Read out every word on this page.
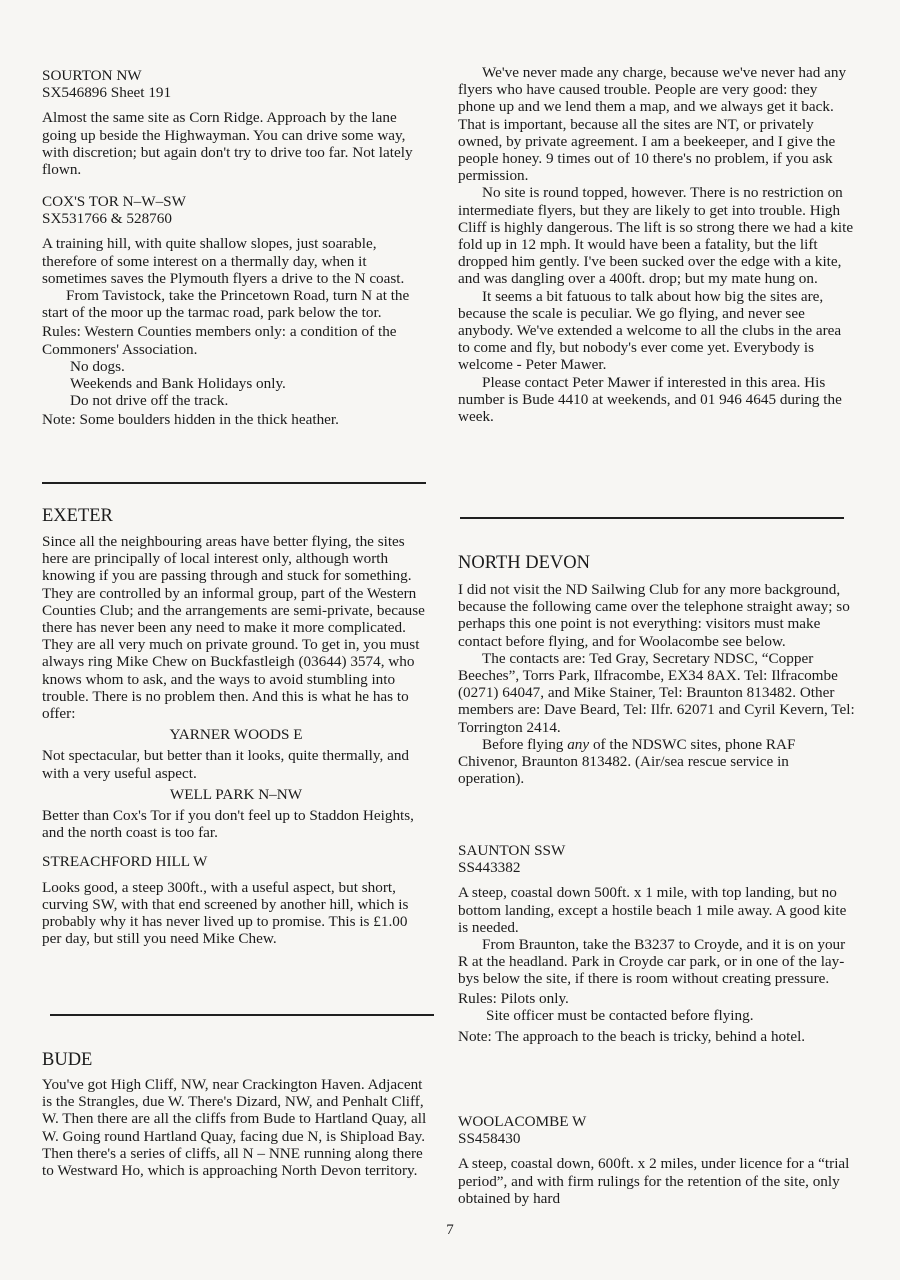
SOURTON NW

SX546896 Sheet 191

Almost the same site as Corn Ridge. Approach by the lane going up beside the Highwayman. You can drive some way, with discretion; but again don't try to drive too far. Not lately flown.

COX'S TOR N–W–SW

SX531766 & 528760

A training hill, with quite shallow slopes, just soarable, therefore of some interest on a thermally day, when it sometimes saves the Plymouth flyers a drive to the N coast.

From Tavistock, take the Princetown Road, turn N at the start of the moor up the tarmac road, park below the tor.

Rules: Western Counties members only: a condition of the Commoners' Association.

No dogs.

Weekends and Bank Holidays only.

Do not drive off the track.

Note: Some boulders hidden in the thick heather.

EXETER

Since all the neighbouring areas have better flying, the sites here are principally of local interest only, although worth knowing if you are passing through and stuck for something. They are controlled by an informal group, part of the Western Counties Club; and the arrangements are semi-private, because there has never been any need to make it more complicated. They are all very much on private ground. To get in, you must always ring Mike Chew on Buckfastleigh (03644) 3574, who knows whom to ask, and the ways to avoid stumbling into trouble. There is no problem then. And this is what he has to offer:

YARNER WOODS E

Not spectacular, but better than it looks, quite thermally, and with a very useful aspect.

WELL PARK N–NW

Better than Cox's Tor if you don't feel up to Staddon Heights, and the north coast is too far.

STREACHFORD HILL W

Looks good, a steep 300ft., with a useful aspect, but short, curving SW, with that end screened by another hill, which is probably why it has never lived up to promise. This is £1.00 per day, but still you need Mike Chew.

BUDE

You've got High Cliff, NW, near Crackington Haven. Adjacent is the Strangles, due W. There's Dizard, NW, and Penhalt Cliff, W. Then there are all the cliffs from Bude to Hartland Quay, all W. Going round Hartland Quay, facing due N, is Shipload Bay. Then there's a series of cliffs, all N – NNE running along there to Westward Ho, which is approaching North Devon territory.

We've never made any charge, because we've never had any flyers who have caused trouble. People are very good: they phone up and we lend them a map, and we always get it back. That is important, because all the sites are NT, or privately owned, by private agreement. I am a beekeeper, and I give the people honey. 9 times out of 10 there's no problem, if you ask permission.

No site is round topped, however. There is no restriction on intermediate flyers, but they are likely to get into trouble. High Cliff is highly dangerous. The lift is so strong there we had a kite fold up in 12 mph. It would have been a fatality, but the lift dropped him gently. I've been sucked over the edge with a kite, and was dangling over a 400ft. drop; but my mate hung on.

It seems a bit fatuous to talk about how big the sites are, because the scale is peculiar. We go flying, and never see anybody. We've extended a welcome to all the clubs in the area to come and fly, but nobody's ever come yet. Everybody is welcome - Peter Mawer.

Please contact Peter Mawer if interested in this area. His number is Bude 4410 at weekends, and 01 946 4645 during the week.

NORTH DEVON

I did not visit the ND Sailwing Club for any more background, because the following came over the telephone straight away; so perhaps this one point is not everything: visitors must make contact before flying, and for Woolacombe see below.

The contacts are: Ted Gray, Secretary NDSC, “Copper Beeches”, Torrs Park, Ilfracombe, EX34 8AX. Tel: Ilfracombe (0271) 64047, and Mike Stainer, Tel: Braunton 813482. Other members are: Dave Beard, Tel: Ilfr. 62071 and Cyril Kevern, Tel: Torrington 2414.

Before flying any of the NDSWC sites, phone RAF Chivenor, Braunton 813482. (Air/sea rescue service in operation).

SAUNTON SSW

SS443382

A steep, coastal down 500ft. x 1 mile, with top landing, but no bottom landing, except a hostile beach 1 mile away. A good kite is needed.

From Braunton, take the B3237 to Croyde, and it is on your R at the headland. Park in Croyde car park, or in one of the lay-bys below the site, if there is room without creating pressure.

Rules: Pilots only.

Site officer must be contacted before flying.

Note: The approach to the beach is tricky, behind a hotel.

WOOLACOMBE W

SS458430

A steep, coastal down, 600ft. x 2 miles, under licence for a “trial period”, and with firm rulings for the retention of the site, only obtained by hard

7
